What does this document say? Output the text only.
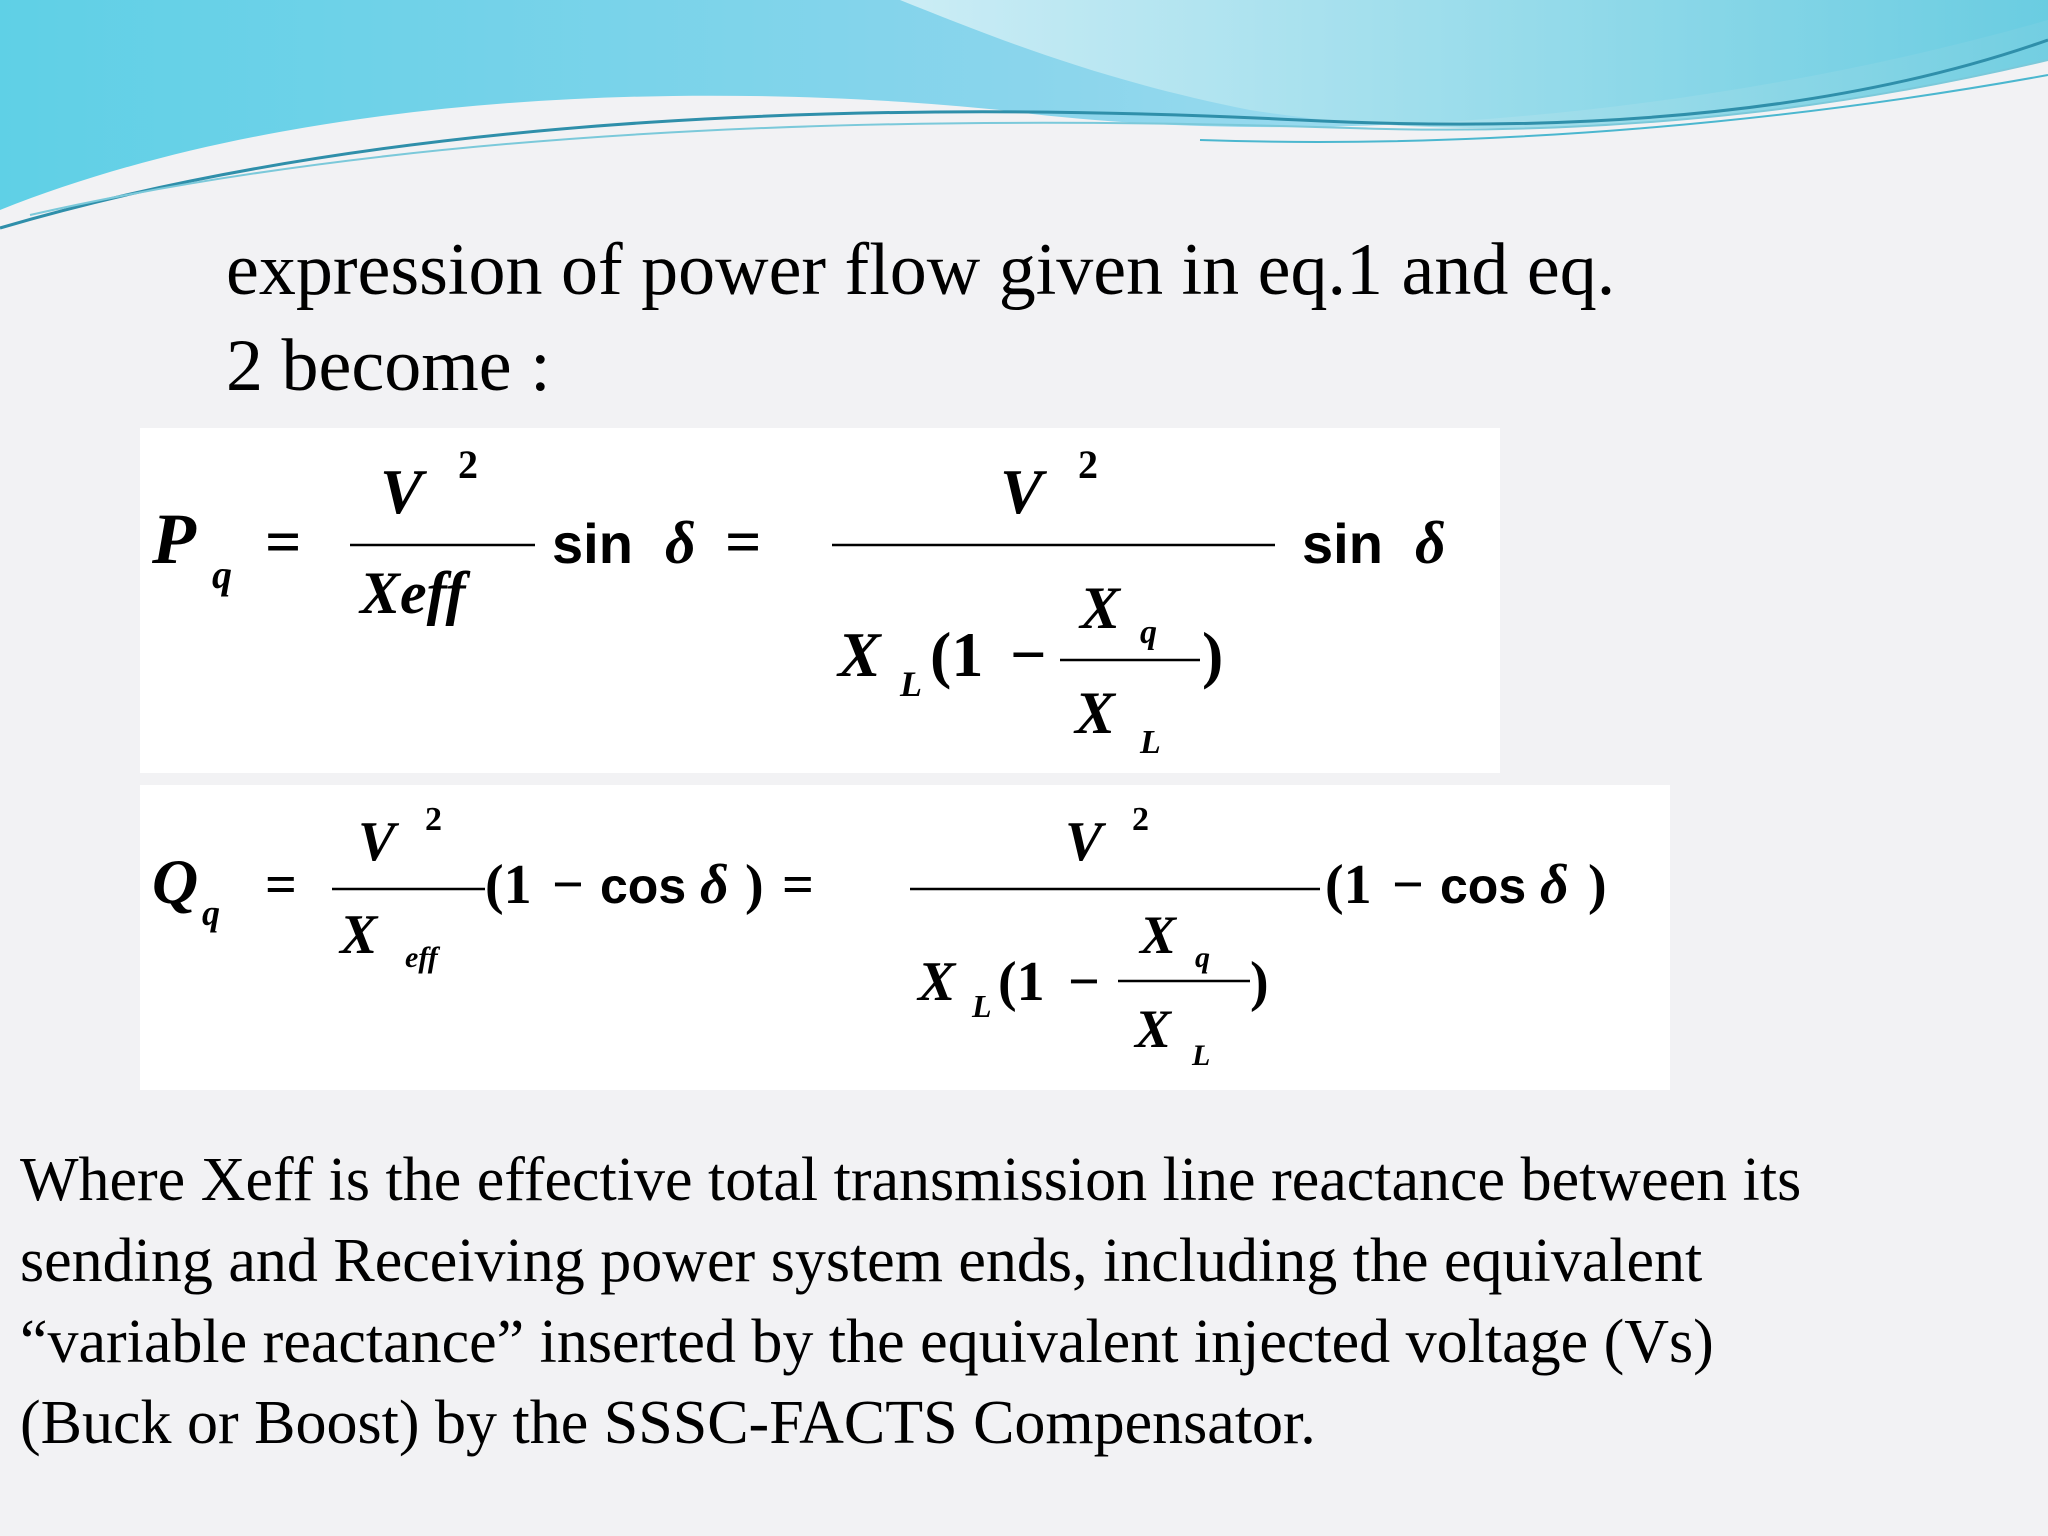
expression of power flow given in eq.1 and eq.
2 become :
P q =
V 2
Xeff
sin δ =
V 2
X L (1 −
X q
X L
)
sin δ
Q q =
V 2
X eff
(1 − cos δ ) =
V 2
X L (1 −
X q
X L
)
(1 − cos δ )

Where Xeff is the effective total transmission line reactance between its

sending and Receiving power system ends, including the equivalent

“variable reactance” inserted by the equivalent injected voltage (Vs)

(Buck or Boost) by the SSSC-FACTS Compensator.
